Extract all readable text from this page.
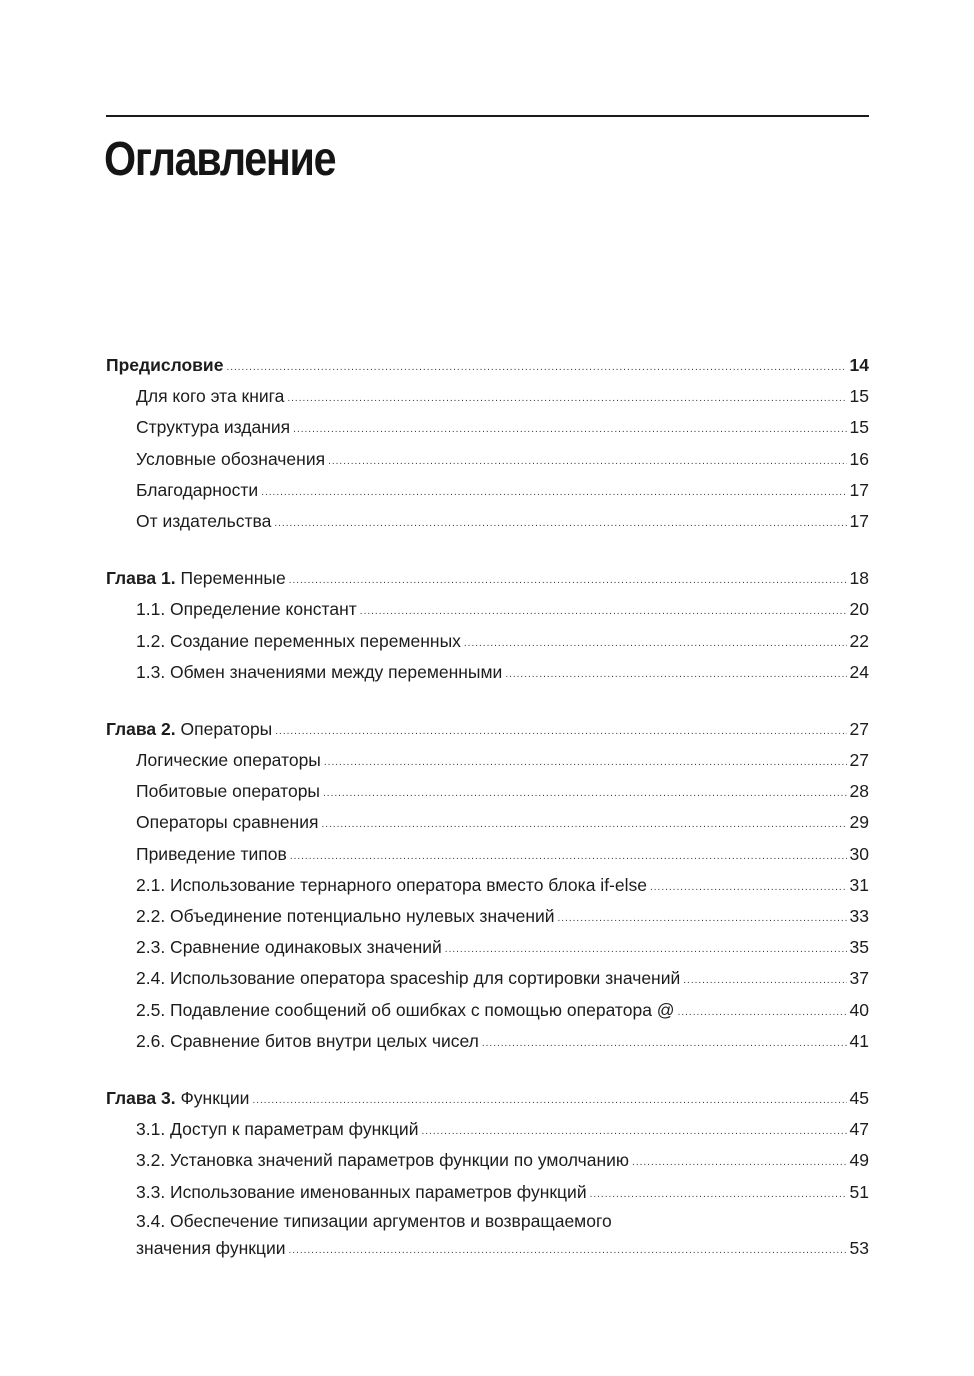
Оглавление
Предисловие .....	14
Для кого эта книга .....	15
Структура издания .....	15
Условные обозначения .....	16
Благодарности .....	17
От издательства .....	17
Глава 1. Переменные .....	18
1.1. Определение констант .....	20
1.2. Создание переменных переменных .....	22
1.3. Обмен значениями между переменными .....	24
Глава 2. Операторы .....	27
Логические операторы .....	27
Побитовые операторы .....	28
Операторы сравнения .....	29
Приведение типов .....	30
2.1. Использование тернарного оператора вместо блока if-else .....	31
2.2. Объединение потенциально нулевых значений .....	33
2.3. Сравнение одинаковых значений .....	35
2.4. Использование оператора spaceship для сортировки значений .....	37
2.5. Подавление сообщений об ошибках с помощью оператора @ .....	40
2.6. Сравнение битов внутри целых чисел .....	41
Глава 3. Функции .....	45
3.1. Доступ к параметрам функций .....	47
3.2. Установка значений параметров функции по умолчанию .....	49
3.3. Использование именованных параметров функций .....	51
3.4. Обеспечение типизации аргументов и возвращаемого
значения функции .....	53
